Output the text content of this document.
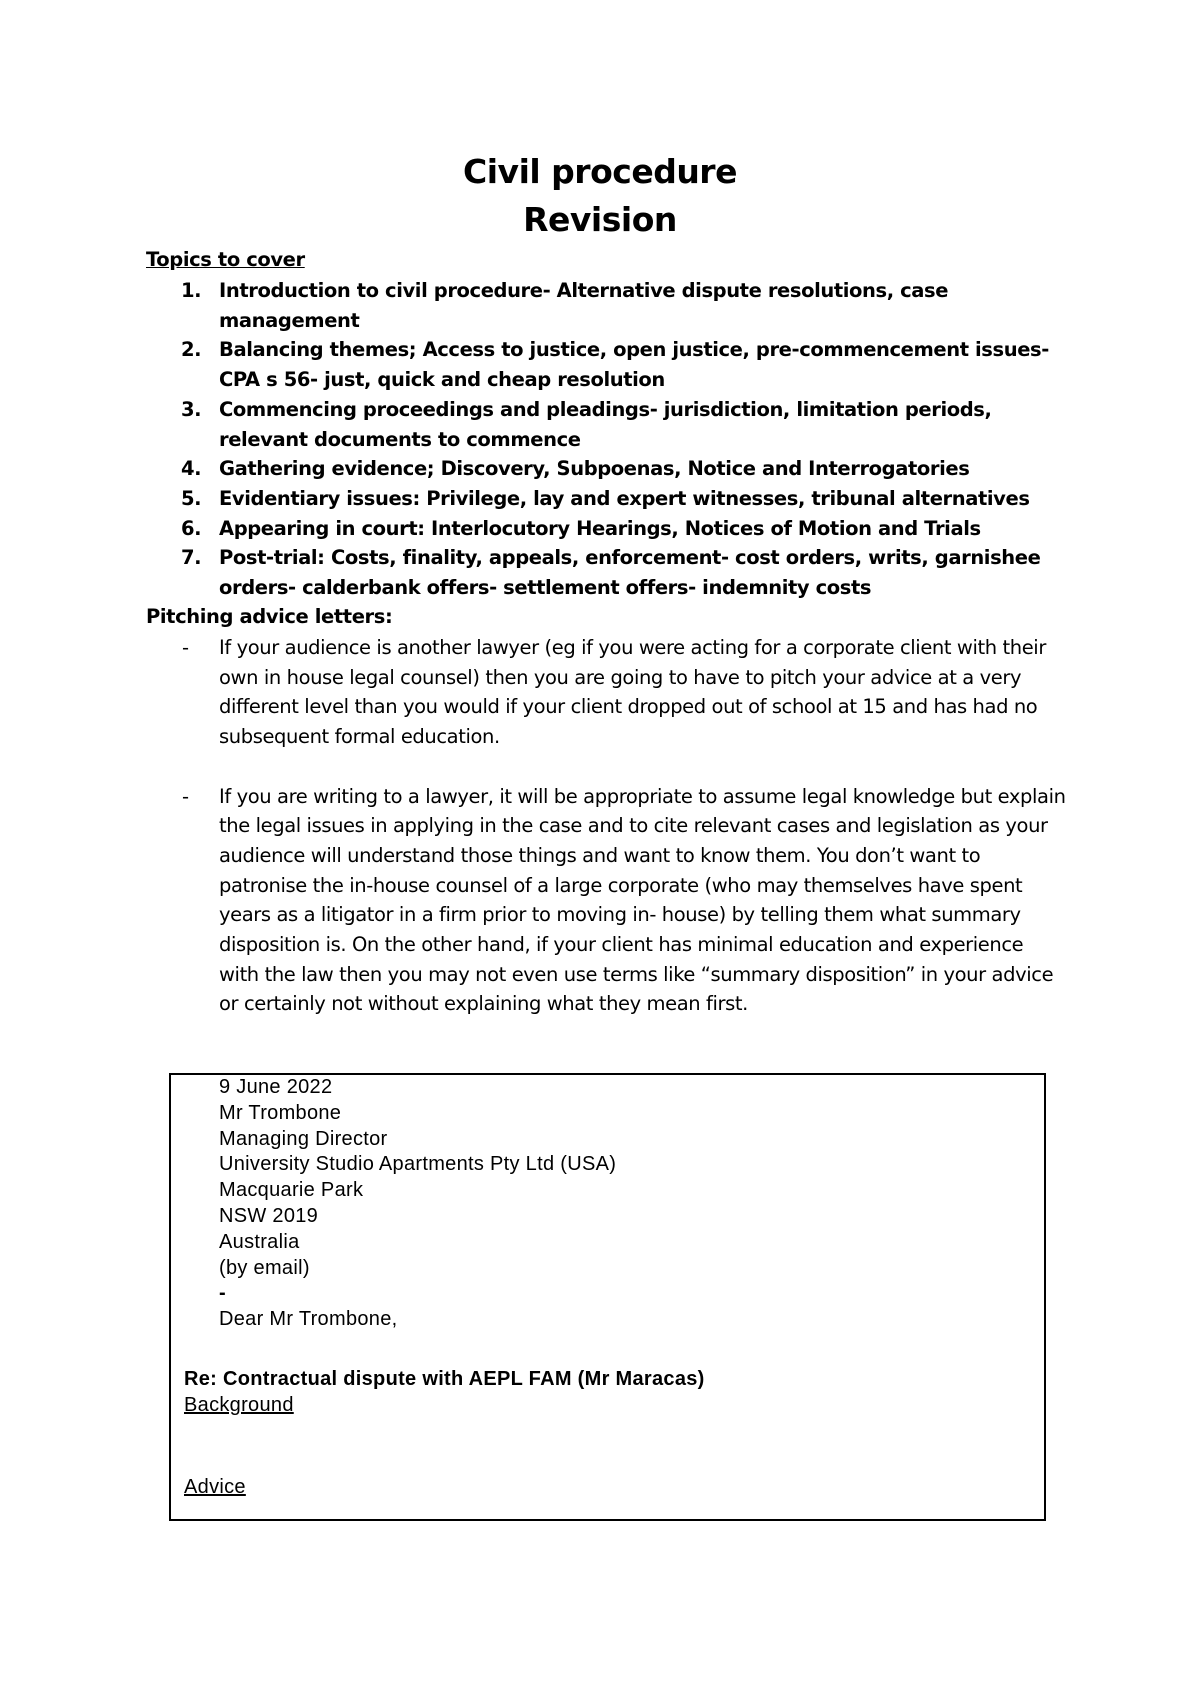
Civil procedure
Revision
Topics to cover
1. Introduction to civil procedure- Alternative dispute resolutions, case management
2. Balancing themes; Access to justice, open justice, pre-commencement issues- CPA s 56- just, quick and cheap resolution
3. Commencing proceedings and pleadings- jurisdiction, limitation periods, relevant documents to commence
4. Gathering evidence; Discovery, Subpoenas, Notice and Interrogatories
5. Evidentiary issues: Privilege, lay and expert witnesses, tribunal alternatives
6. Appearing in court: Interlocutory Hearings, Notices of Motion and Trials
7. Post-trial: Costs, finality, appeals, enforcement- cost orders, writs, garnishee orders- calderbank offers- settlement offers- indemnity costs
Pitching advice letters:
- If your audience is another lawyer (eg if you were acting for a corporate client with their own in house legal counsel) then you are going to have to pitch your advice at a very different level than you would if your client dropped out of school at 15 and has had no subsequent formal education.
- If you are writing to a lawyer, it will be appropriate to assume legal knowledge but explain the legal issues in applying in the case and to cite relevant cases and legislation as your audience will understand those things and want to know them. You don’t want to patronise the in-house counsel of a large corporate (who may themselves have spent years as a litigator in a firm prior to moving in- house) by telling them what summary disposition is. On the other hand, if your client has minimal education and experience with the law then you may not even use terms like “summary disposition” in your advice or certainly not without explaining what they mean first.
9 June 2022
Mr Trombone
Managing Director
University Studio Apartments Pty Ltd (USA)
Macquarie Park
NSW 2019
Australia
(by email)
-
Dear Mr Trombone,
Re: Contractual dispute with AEPL FAM (Mr Maracas)
Background
Advice
